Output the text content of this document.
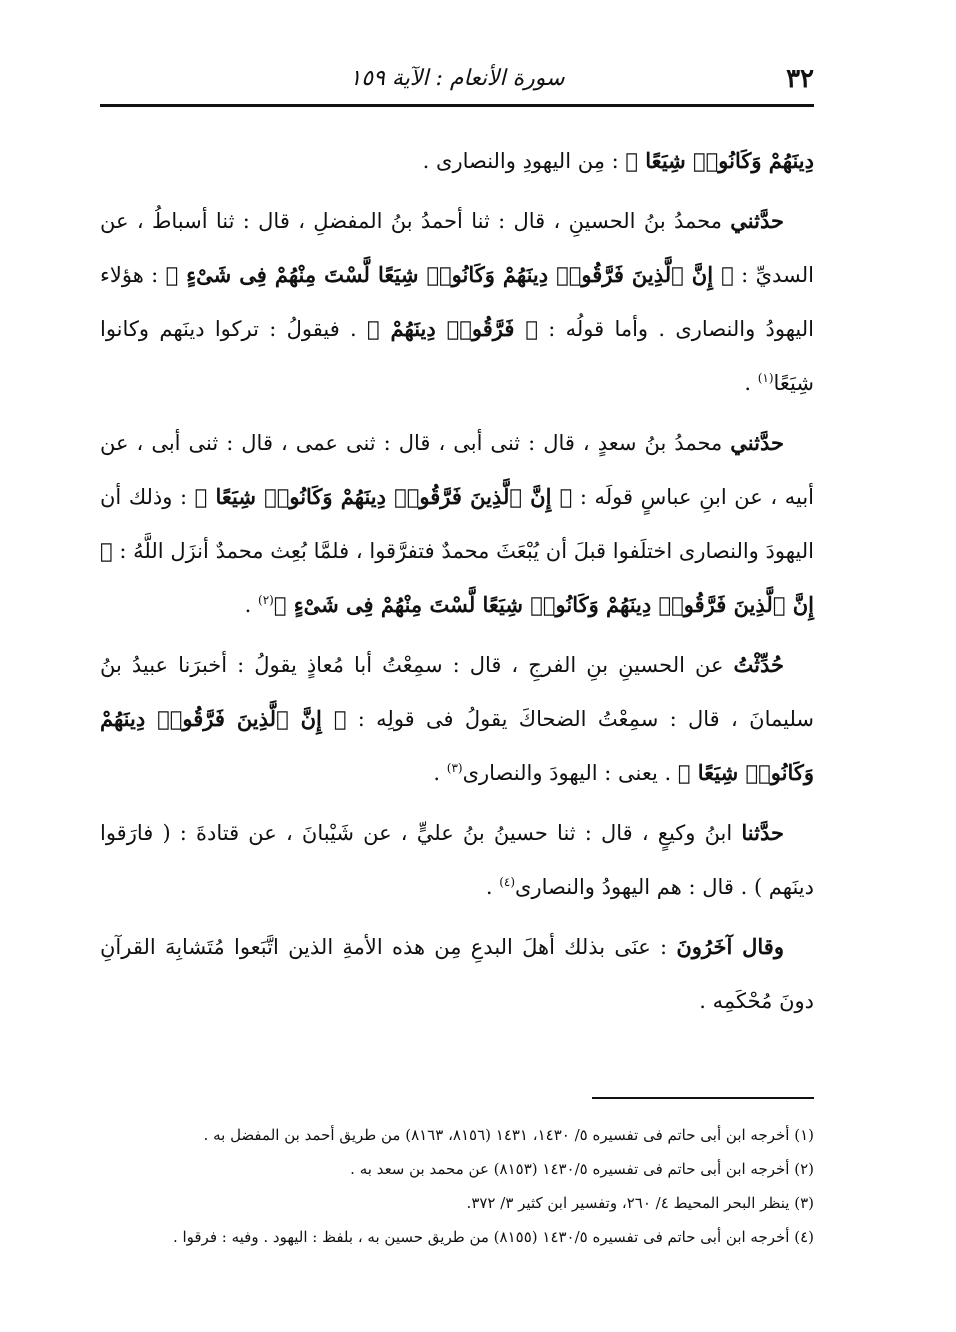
٣٢
سورة الأنعام : الآية ١٥٩

دِينَهُمْ وَكَانُوا۟ شِيَعًا ﴾ : مِن اليهودِ والنصارى .

حدَّثني محمدُ بنُ الحسينِ ، قال : ثنا أحمدُ بنُ المفضلِ ، قال : ثنا أسباطُ ، عن السديِّ : ﴿ إِنَّ ٱلَّذِينَ فَرَّقُوا۟ دِينَهُمْ وَكَانُوا۟ شِيَعًا لَّسْتَ مِنْهُمْ فِى شَىْءٍ ﴾ : هؤلاء اليهودُ والنصارى . وأما قولُه : ﴿ فَرَّقُوا۟ دِينَهُمْ ﴾ . فيقولُ : تركوا دينَهم وكانوا شِيَعًا$^{(١)}$ .

حدَّثني محمدُ بنُ سعدٍ ، قال : ثنى أبى ، قال : ثنى عمى ، قال : ثنى أبى ، عن أبيه ، عن ابنِ عباسٍ قولَه : ﴿ إِنَّ ٱلَّذِينَ فَرَّقُوا۟ دِينَهُمْ وَكَانُوا۟ شِيَعًا ﴾ : وذلك أن اليهودَ والنصارى اختلَفوا قبلَ أن يُبْعَثَ محمدٌ فتفرَّقوا ، فلمَّا بُعِث محمدٌ أنزَل اللَّهُ : ﴿ إِنَّ ٱلَّذِينَ فَرَّقُوا۟ دِينَهُمْ وَكَانُوا۟ شِيَعًا لَّسْتَ مِنْهُمْ فِى شَىْءٍ ﴾$^{(٢)}$ .

حُدِّثْتُ عن الحسينِ بنِ الفرجِ ، قال : سمِعْتُ أبا مُعاذٍ يقولُ : أخبرَنا عبيدُ بنُ سليمانَ ، قال : سمِعْتُ الضحاكَ يقولُ فى قولِه : ﴿ إِنَّ ٱلَّذِينَ فَرَّقُوا۟ دِينَهُمْ وَكَانُوا۟ شِيَعًا ﴾ . يعنى : اليهودَ والنصارى$^{(٣)}$ .

حدَّثنا ابنُ وكيعٍ ، قال : ثنا حسينُ بنُ عليٍّ ، عن شَيْبانَ ، عن قتادةَ : ( فارَقوا دينَهم ) . قال : هم اليهودُ والنصارى$^{(٤)}$ .

وقال آخَرُونَ : عنَى بذلك أهلَ البدعِ مِن هذه الأمةِ الذين اتَّبَعوا مُتَشابِهَ القرآنِ دونَ مُحْكَمِه .

(١) أخرجه ابن أبى حاتم فى تفسيره ٥/ ١٤٣٠، ١٤٣١ (٨١٥٦، ٨١٦٣) من طريق أحمد بن المفضل به .

(٢) أخرجه ابن أبى حاتم فى تفسيره ١٤٣٠/٥ (٨١٥٣) عن محمد بن سعد به .

(٣) ينظر البحر المحيط ٤/ ٢٦٠، وتفسير ابن كثير ٣/ ٣٧٢.

(٤) أخرجه ابن أبى حاتم فى تفسيره ١٤٣٠/٥ (٨١٥٥) من طريق حسين به ، بلفظ : اليهود . وفيه : فرقوا .
